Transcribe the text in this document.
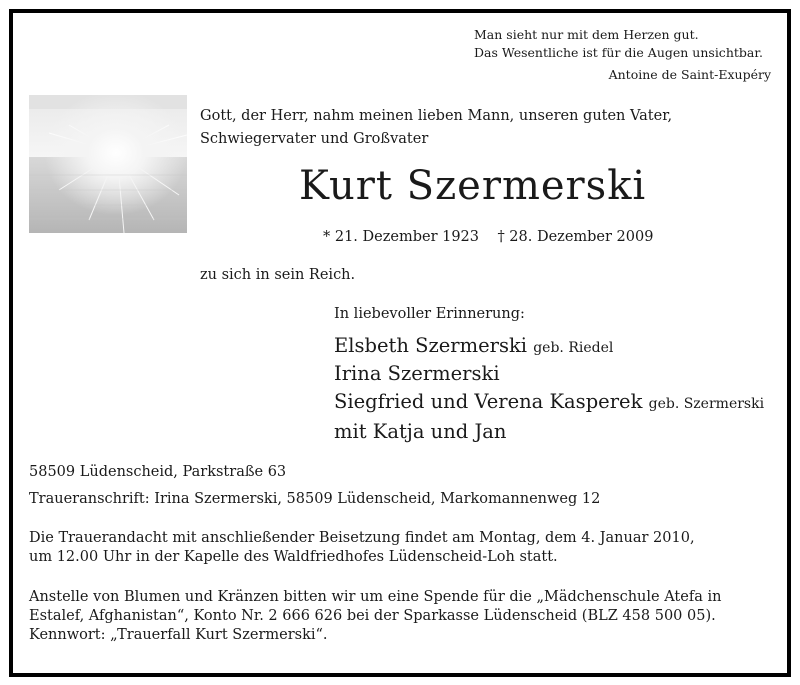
Man sieht nur mit dem Herzen gut.
Das Wesentliche ist für die Augen unsichtbar.
Antoine de Saint-Exupéry
Gott, der Herr, nahm meinen lieben Mann, unseren guten Vater,
Schwiegervater und Großvater
Kurt Szermerski
* 21. Dezember 1923    † 28. Dezember 2009
zu sich in sein Reich.
In liebevoller Erinnerung:
Elsbeth Szermerski geb. Riedel
Irina Szermerski
Siegfried und Verena Kasperek geb. Szermerski
mit Katja und Jan
58509 Lüdenscheid, Parkstraße 63
Traueranschrift: Irina Szermerski, 58509 Lüdenscheid, Markomannenweg 12
Die Trauerandacht mit anschließender Beisetzung findet am Montag, dem 4. Januar 2010,
um 12.00 Uhr in der Kapelle des Waldfriedhofes Lüdenscheid-Loh statt.
Anstelle von Blumen und Kränzen bitten wir um eine Spende für die „Mädchenschule Atefa in
Estalef, Afghanistan“, Konto Nr. 2 666 626 bei der Sparkasse Lüdenscheid (BLZ 458 500 05).
Kennwort: „Trauerfall Kurt Szermerski“.
